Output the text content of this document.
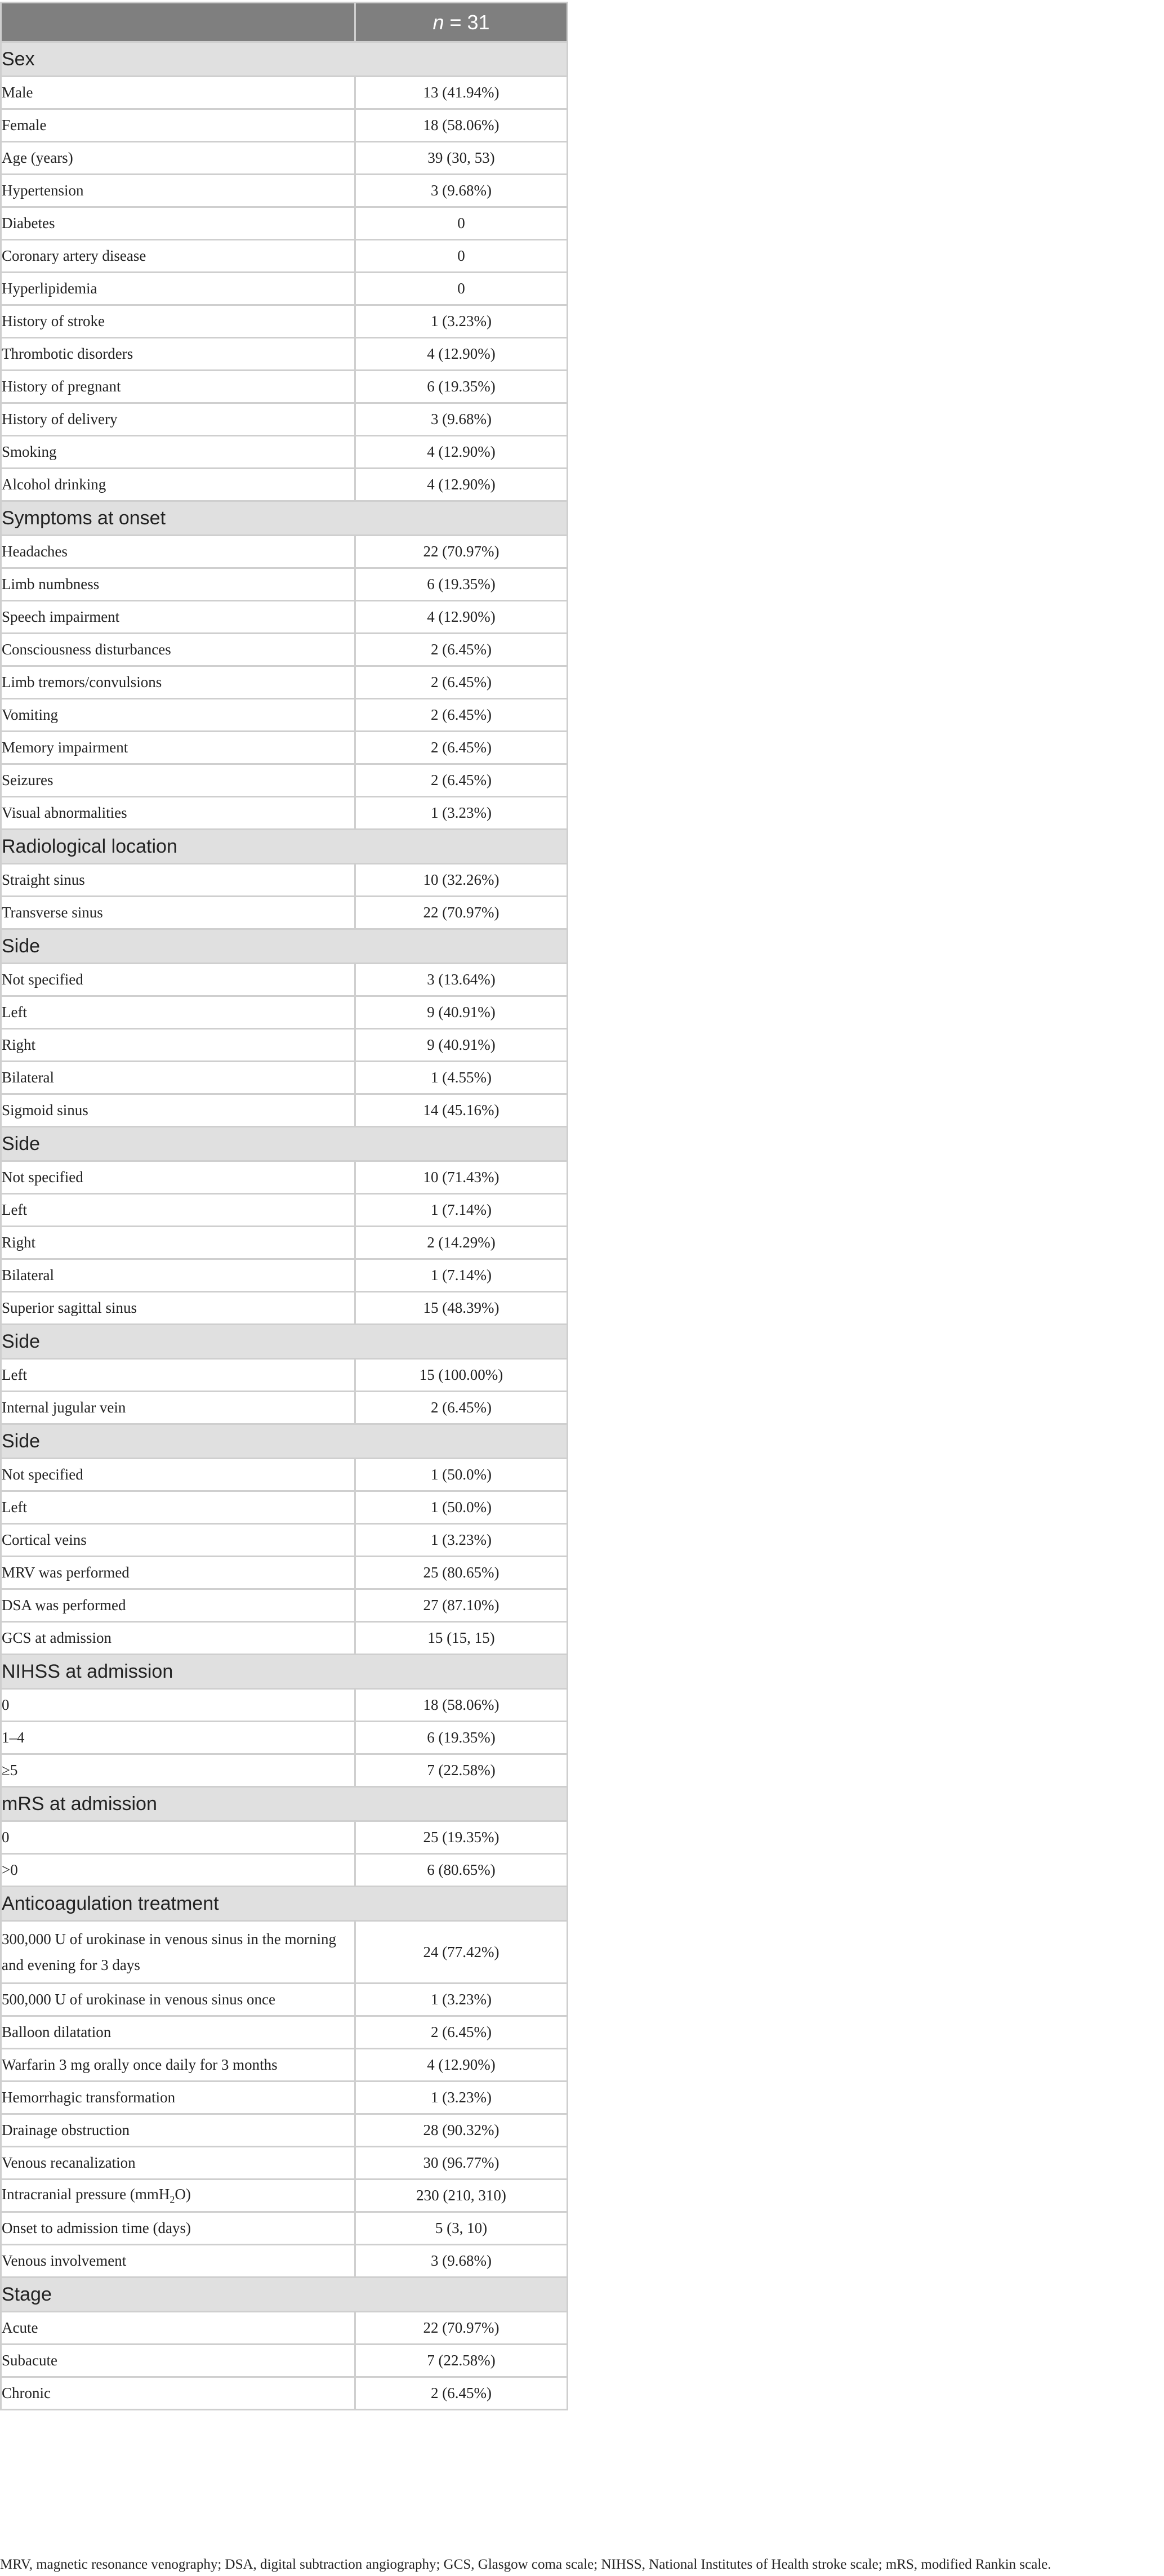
	n = 31
Sex	
Male	13 (41.94%)
Female	18 (58.06%)
Age (years)	39 (30, 53)
Hypertension	3 (9.68%)
Diabetes	0
Coronary artery disease	0
Hyperlipidemia	0
History of stroke	1 (3.23%)
Thrombotic disorders	4 (12.90%)
History of pregnant	6 (19.35%)
History of delivery	3 (9.68%)
Smoking	4 (12.90%)
Alcohol drinking	4 (12.90%)
Symptoms at onset	
Headaches	22 (70.97%)
Limb numbness	6 (19.35%)
Speech impairment	4 (12.90%)
Consciousness disturbances	2 (6.45%)
Limb tremors/convulsions	2 (6.45%)
Vomiting	2 (6.45%)
Memory impairment	2 (6.45%)
Seizures	2 (6.45%)
Visual abnormalities	1 (3.23%)
Radiological location	
Straight sinus	10 (32.26%)
Transverse sinus	22 (70.97%)
Side	
Not specified	3 (13.64%)
Left	9 (40.91%)
Right	9 (40.91%)
Bilateral	1 (4.55%)
Sigmoid sinus	14 (45.16%)
Side	
Not specified	10 (71.43%)
Left	1 (7.14%)
Right	2 (14.29%)
Bilateral	1 (7.14%)
Superior sagittal sinus	15 (48.39%)
Side	
Left	15 (100.00%)
Internal jugular vein	2 (6.45%)
Side	
Not specified	1 (50.0%)
Left	1 (50.0%)
Cortical veins	1 (3.23%)
MRV was performed	25 (80.65%)
DSA was performed	27 (87.10%)
GCS at admission	15 (15, 15)
NIHSS at admission	
0	18 (58.06%)
1–4	6 (19.35%)
≥5	7 (22.58%)
mRS at admission	
0	25 (19.35%)
>0	6 (80.65%)
Anticoagulation treatment	
300,000 U of urokinase in venous sinus in the morning and evening for 3 days	24 (77.42%)
500,000 U of urokinase in venous sinus once	1 (3.23%)
Balloon dilatation	2 (6.45%)
Warfarin 3 mg orally once daily for 3 months	4 (12.90%)
Hemorrhagic transformation	1 (3.23%)
Drainage obstruction	28 (90.32%)
Venous recanalization	30 (96.77%)
Intracranial pressure (mmH$_2$O)	230 (210, 310)
Onset to admission time (days)	5 (3, 10)
Venous involvement	3 (9.68%)
Stage	
Acute	22 (70.97%)
Subacute	7 (22.58%)
Chronic	2 (6.45%)
MRV, magnetic resonance venography; DSA, digital subtraction angiography; GCS, Glasgow coma scale; NIHSS, National Institutes of Health stroke scale; mRS, modified Rankin scale.
